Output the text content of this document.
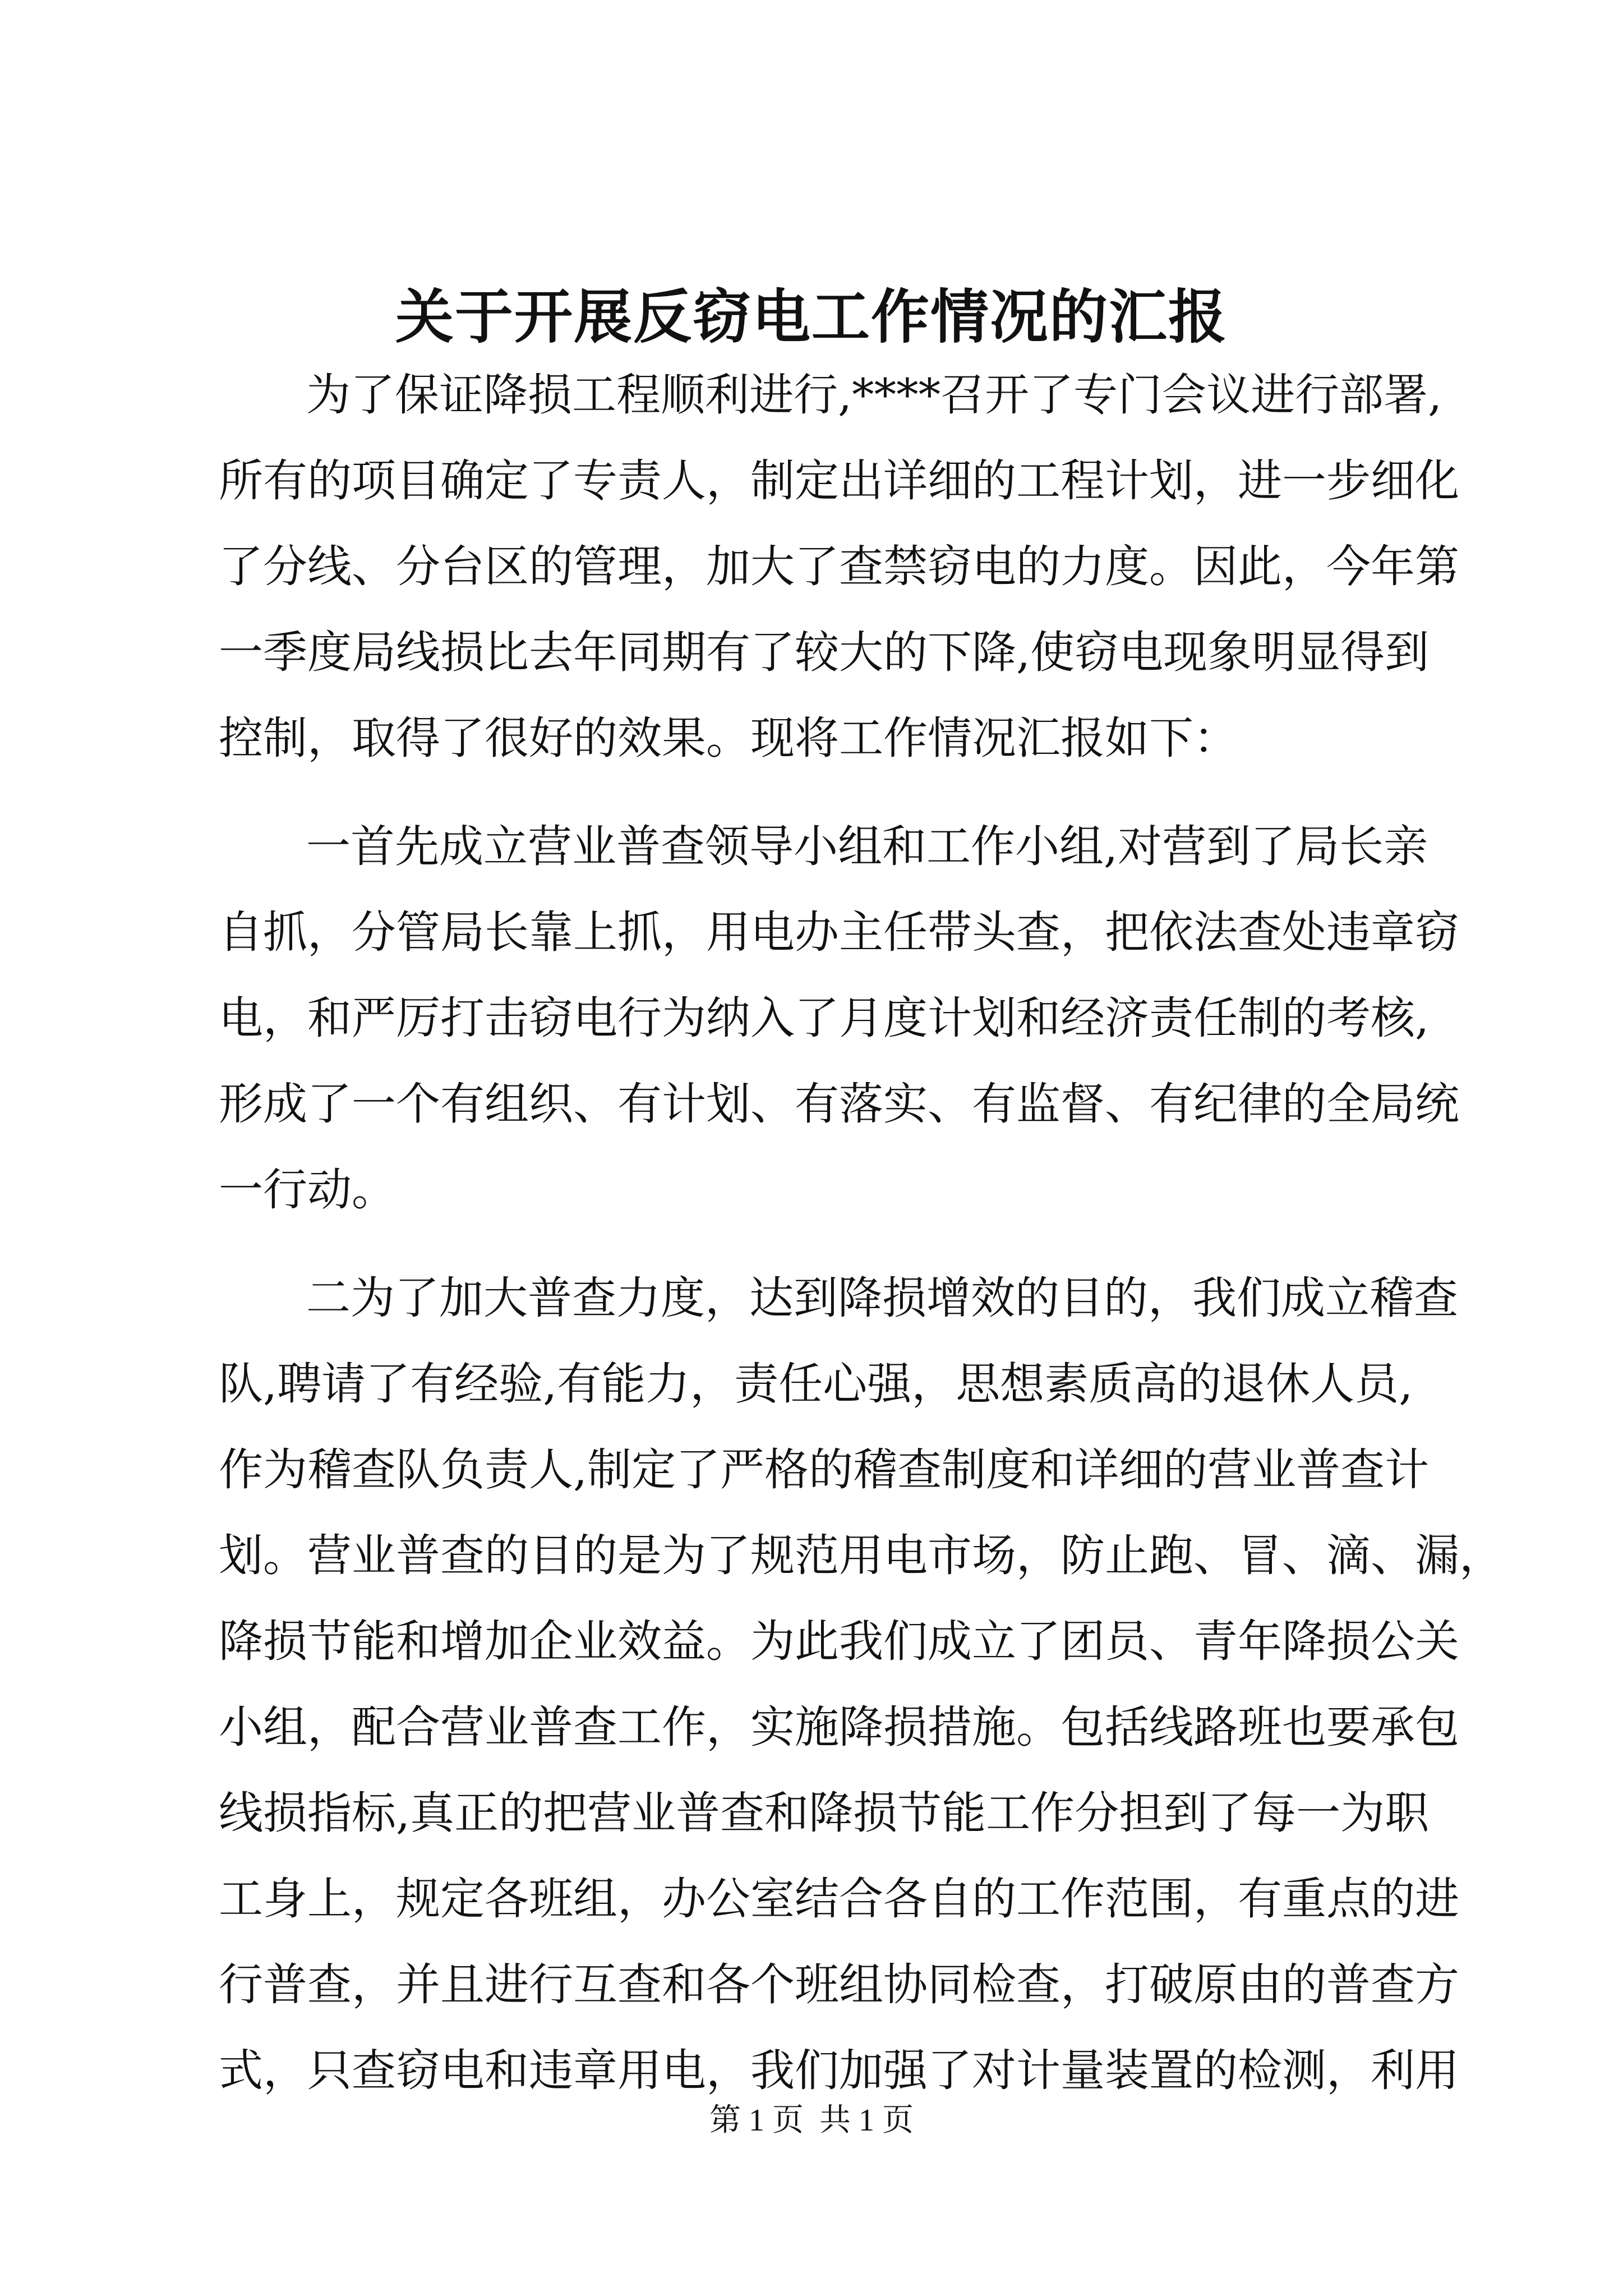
关于开展反窃电工作情况的汇报
为了保证降损工程顺利进行,****召开了专门会议进行部署,
所有的项目确定了专责人，制定出详细的工程计划，进一步细化
了分线、分台区的管理，加大了查禁窃电的力度。因此，今年第
一季度局线损比去年同期有了较大的下降,使窃电现象明显得到
控制，取得了很好的效果。现将工作情况汇报如下：
一首先成立营业普查领导小组和工作小组,对营到了局长亲
自抓，分管局长靠上抓，用电办主任带头查，把依法查处违章窃
电，和严厉打击窃电行为纳入了月度计划和经济责任制的考核,
形成了一个有组织、有计划、有落实、有监督、有纪律的全局统
一行动。
二为了加大普查力度，达到降损增效的目的，我们成立稽查
队,聘请了有经验,有能力，责任心强，思想素质高的退休人员,
作为稽查队负责人,制定了严格的稽查制度和详细的营业普查计
划。营业普查的目的是为了规范用电市场，防止跑、冒、滴、漏，
降损节能和增加企业效益。为此我们成立了团员、青年降损公关
小组，配合营业普查工作，实施降损措施。包括线路班也要承包
线损指标,真正的把营业普查和降损节能工作分担到了每一为职
工身上，规定各班组，办公室结合各自的工作范围，有重点的进
行普查，并且进行互查和各个班组协同检查，打破原由的普查方
式，只查窃电和违章用电，我们加强了对计量装置的检测，利用
第 1 页  共 1 页
